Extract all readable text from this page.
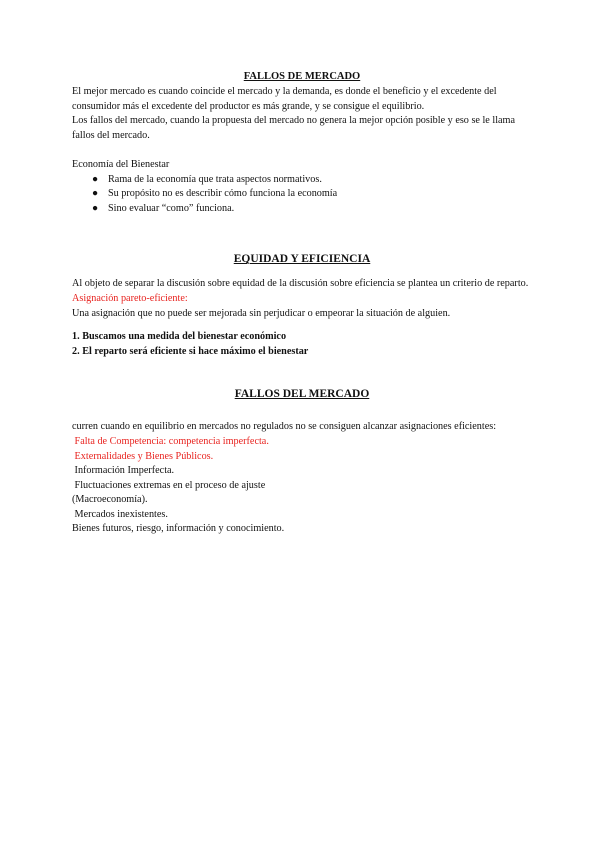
FALLOS DE MERCADO

El mejor mercado es cuando coincide el mercado y la demanda, es donde el beneficio y el excedente del consumidor más el excedente del productor es más grande, y se consigue el equilibrio.

Los fallos del mercado, cuando la propuesta del mercado no genera la mejor opción posible y eso se le llama fallos del mercado.

Economía del Bienestar

● Rama de la economía que trata aspectos normativos.
● Su propósito no es describir cómo funciona la economía
● Sino evaluar “como” funciona.
EQUIDAD Y EFICIENCIA

Al objeto de separar la discusión sobre equidad de la discusión sobre eficiencia se plantea un criterio de reparto.

Asignación pareto-eficiente:

Una asignación que no puede ser mejorada sin perjudicar o empeorar la situación de alguien.

1. Buscamos una medida del bienestar económico

2. El reparto será eficiente si hace máximo el bienestar

FALLOS DEL MERCADO

curren cuando en equilibrio en mercados no regulados no se consiguen alcanzar asignaciones eficientes:

Falta de Competencia: competencia imperfecta.

Externalidades y Bienes Públicos.

Información Imperfecta.

Fluctuaciones extremas en el proceso de ajuste

(Macroeconomía).

Mercados inexistentes.

Bienes futuros, riesgo, información y conocimiento.
